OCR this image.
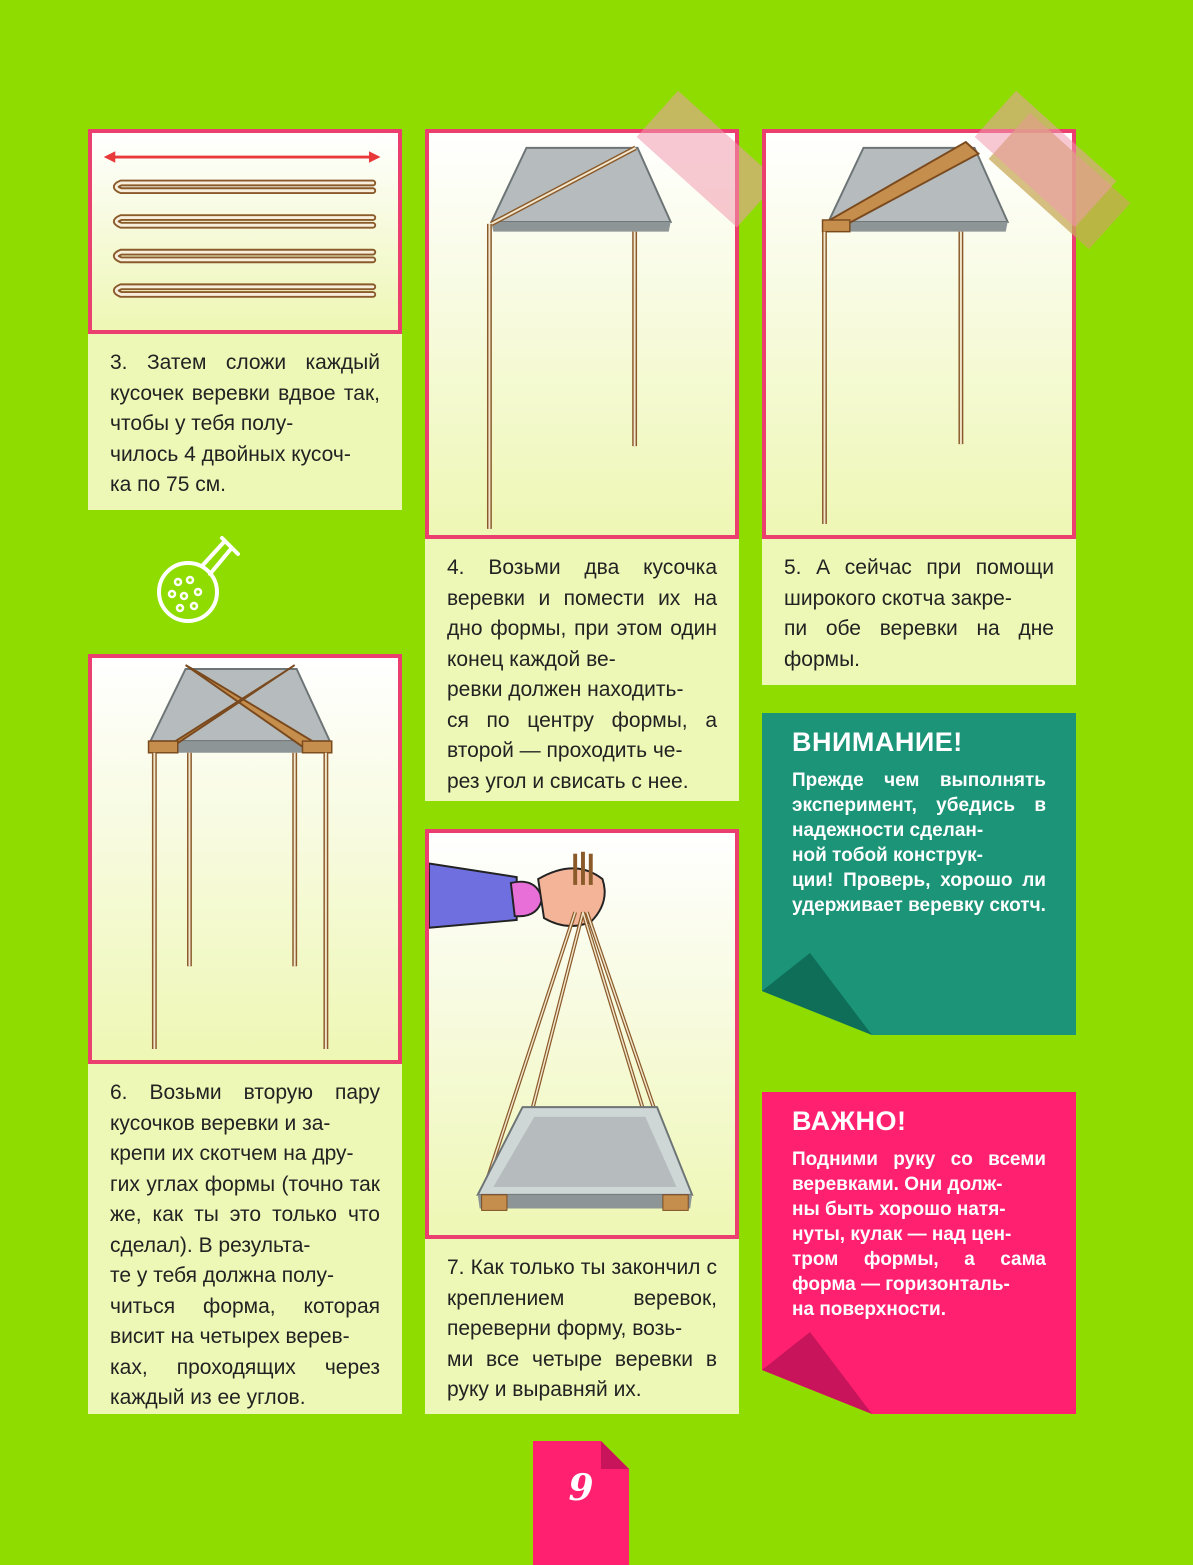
3. Затем сложи каждый кусочек веревки вдвое так, чтобы у тебя полу-
чилось 4 двойных кусоч-
ка по 75 см.
4. Возьми два кусочка веревки и помести их на дно формы, при этом один конец каждой ве-
ревки должен находить-
ся по центру формы, а второй — проходить че-
рез угол и свисать с нее.
5. А сейчас при помощи широкого скотча закре-
пи обе веревки на дне формы.
ВНИМАНИЕ!

Прежде чем выполнять эксперимент, убедись в надежности сделан-
ной тобой конструк-
ции! Проверь, хорошо ли удерживает веревку скотч.

6. Возьми вторую пару кусочков веревки и за-
крепи их скотчем на дру-
гих углах формы (точно так же, как ты это только что сделал). В результа-
те у тебя должна полу-
читься форма, которая висит на четырех верев-
ках, проходящих через каждый из ее углов.
7. Как только ты закончил с креплением веревок, переверни форму, возь-
ми все четыре веревки в руку и выравняй их.
ВАЖНО!

Подними руку со всеми веревками. Они долж-
ны быть хорошо натя-
нуты, кулак — над цен-
тром формы, а сама форма — горизонталь-
на поверхности.

9
